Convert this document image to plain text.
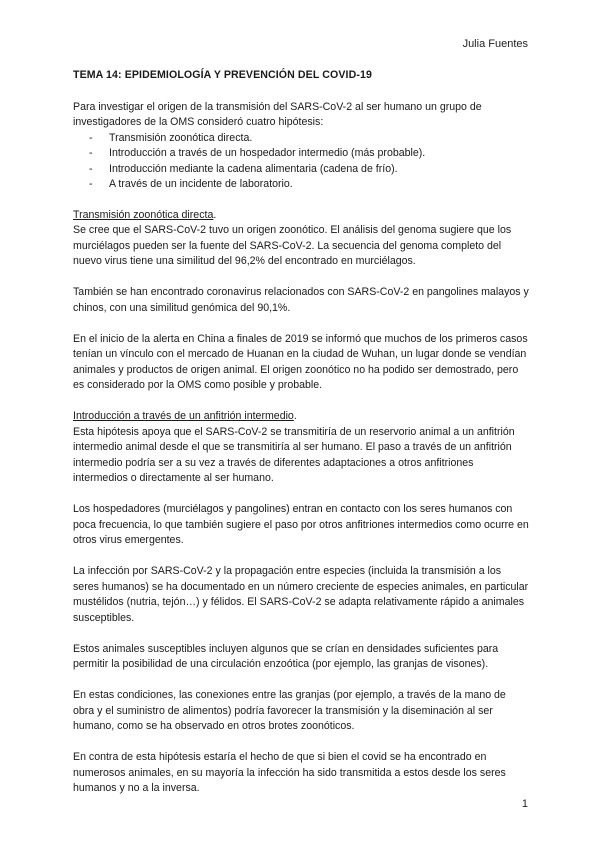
Julia Fuentes
TEMA 14: EPIDEMIOLOGÍA Y PREVENCIÓN DEL COVID-19

Para investigar el origen de la transmisión del SARS-CoV-2 al ser humano un grupo de investigadores de la OMS consideró cuatro hipótesis:

- Transmisión zoonótica directa.
- Introducción a través de un hospedador intermedio (más probable).
- Introducción mediante la cadena alimentaria (cadena de frío).
- A través de un incidente de laboratorio.
Transmisión zoonótica directa.

Se cree que el SARS-CoV-2 tuvo un origen zoonótico. El análisis del genoma sugiere que los murciélagos pueden ser la fuente del SARS-CoV-2. La secuencia del genoma completo del nuevo virus tiene una similitud del 96,2% del encontrado en murciélagos.

También se han encontrado coronavirus relacionados con SARS-CoV-2 en pangolines malayos y chinos, con una similitud genómica del 90,1%.

En el inicio de la alerta en China a finales de 2019 se informó que muchos de los primeros casos tenían un vínculo con el mercado de Huanan en la ciudad de Wuhan, un lugar donde se vendían animales y productos de origen animal. El origen zoonótico no ha podido ser demostrado, pero es considerado por la OMS como posible y probable.

Introducción a través de un anfitrión intermedio.

Esta hipótesis apoya que el SARS-CoV-2 se transmitiría de un reservorio animal a un anfitrión intermedio animal desde el que se transmitiría al ser humano. El paso a través de un anfitrión intermedio podría ser a su vez a través de diferentes adaptaciones a otros anfitriones intermedios o directamente al ser humano.

Los hospedadores (murciélagos y pangolines) entran en contacto con los seres humanos con poca frecuencia, lo que también sugiere el paso por otros anfitriones intermedios como ocurre en otros virus emergentes.

La infección por SARS-CoV-2 y la propagación entre especies (incluida la transmisión a los seres humanos) se ha documentado en un número creciente de especies animales, en particular mustélidos (nutria, tejón…) y félidos. El SARS-CoV-2 se adapta relativamente rápido a animales susceptibles.

Estos animales susceptibles incluyen algunos que se crían en densidades suficientes para permitir la posibilidad de una circulación enzoótica (por ejemplo, las granjas de visones).

En estas condiciones, las conexiones entre las granjas (por ejemplo, a través de la mano de obra y el suministro de alimentos) podría favorecer la transmisión y la diseminación al ser humano, como se ha observado en otros brotes zoonóticos.

En contra de esta hipótesis estaría el hecho de que si bien el covid se ha encontrado en numerosos animales, en su mayoría la infección ha sido transmitida a estos desde los seres humanos y no a la inversa.

1
